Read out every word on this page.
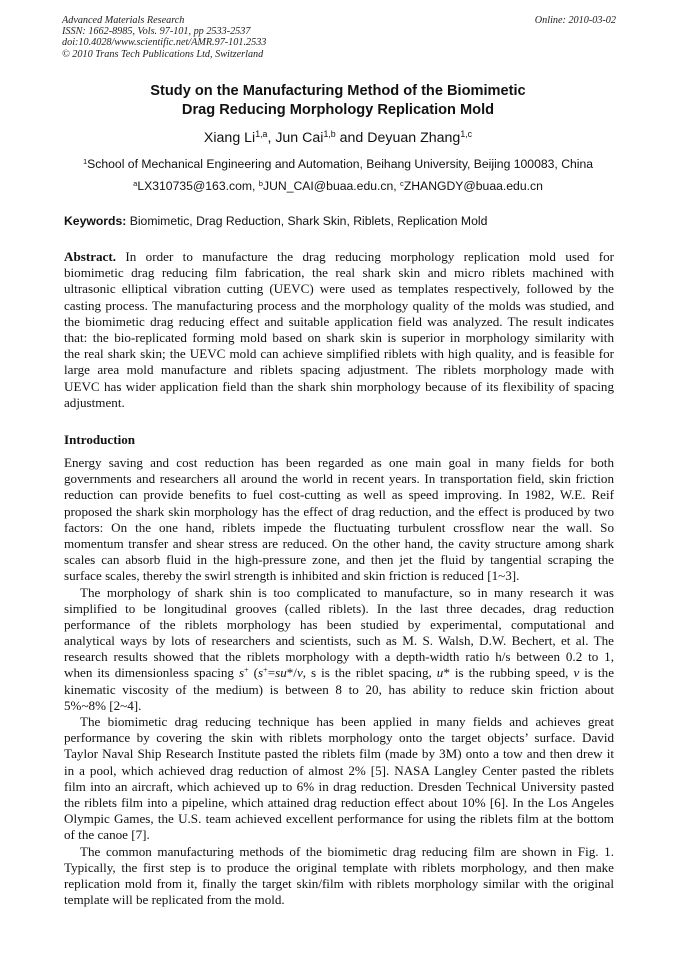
Advanced Materials Research
ISSN: 1662-8985, Vols. 97-101, pp 2533-2537
doi:10.4028/www.scientific.net/AMR.97-101.2533
© 2010 Trans Tech Publications Ltd, Switzerland
Online: 2010-03-02
Study on the Manufacturing Method of the Biomimetic
Drag Reducing Morphology Replication Mold
Xiang Li$^{1,a}$, Jun Cai$^{1,b}$ and Deyuan Zhang$^{1,c}$
$^1$School of Mechanical Engineering and Automation, Beihang University, Beijing 100083, China
$^a$LX310735@163.com, $^b$JUN_CAI@buaa.edu.cn, $^c$ZHANGDY@buaa.edu.cn
Keywords: Biomimetic, Drag Reduction, Shark Skin, Riblets, Replication Mold
Abstract. In order to manufacture the drag reducing morphology replication mold used for
biomimetic drag reducing film fabrication, the real shark skin and micro riblets machined with
ultrasonic elliptical vibration cutting (UEVC) were used as templates respectively, followed by the
casting process. The manufacturing process and the morphology quality of the molds was studied, and
the biomimetic drag reducing effect and suitable application field was analyzed. The result indicates
that: the bio-replicated forming mold based on shark skin is superior in morphology similarity with
the real shark skin; the UEVC mold can achieve simplified riblets with high quality, and is feasible for
large area mold manufacture and riblets spacing adjustment. The riblets morphology made with
UEVC has wider application field than the shark shin morphology because of its flexibility of spacing
adjustment.
Introduction
Energy saving and cost reduction has been regarded as one main goal in many fields for both
governments and researchers all around the world in recent years. In transportation field, skin friction
reduction can provide benefits to fuel cost-cutting as well as speed improving. In 1982, W.E. Reif
proposed the shark skin morphology has the effect of drag reduction, and the effect is produced by two
factors: On the one hand, riblets impede the fluctuating turbulent crossflow near the wall. So
momentum transfer and shear stress are reduced. On the other hand, the cavity structure among shark
scales can absorb fluid in the high-pressure zone, and then jet the fluid by tangential scraping the
surface scales, thereby the swirl strength is inhibited and skin friction is reduced [1~3].
The morphology of shark shin is too complicated to manufacture, so in many research it was
simplified to be longitudinal grooves (called riblets). In the last three decades, drag reduction
performance of the riblets morphology has been studied by experimental, computational and
analytical ways by lots of researchers and scientists, such as M. S. Walsh, D.W. Bechert, et al. The
research results showed that the riblets morphology with a depth-width ratio h/s between 0.2 to 1,
when its dimensionless spacing s+ (s+=su*/v, s is the riblet spacing, u* is the rubbing speed, v is the
kinematic viscosity of the medium) is between 8 to 20, has ability to reduce skin friction about
5%~8% [2~4].
The biomimetic drag reducing technique has been applied in many fields and achieves great
performance by covering the skin with riblets morphology onto the target objects’ surface. David
Taylor Naval Ship Research Institute pasted the riblets film (made by 3M) onto a tow and then drew it
in a pool, which achieved drag reduction of almost 2% [5]. NASA Langley Center pasted the riblets
film into an aircraft, which achieved up to 6% in drag reduction. Dresden Technical University pasted
the riblets film into a pipeline, which attained drag reduction effect about 10% [6]. In the Los Angeles
Olympic Games, the U.S. team achieved excellent performance for using the riblets film at the bottom
of the canoe [7].
The common manufacturing methods of the biomimetic drag reducing film are shown in Fig. 1.
Typically, the first step is to produce the original template with riblets morphology, and then make
replication mold from it, finally the target skin/film with riblets morphology similar with the original
template will be replicated from the mold.
